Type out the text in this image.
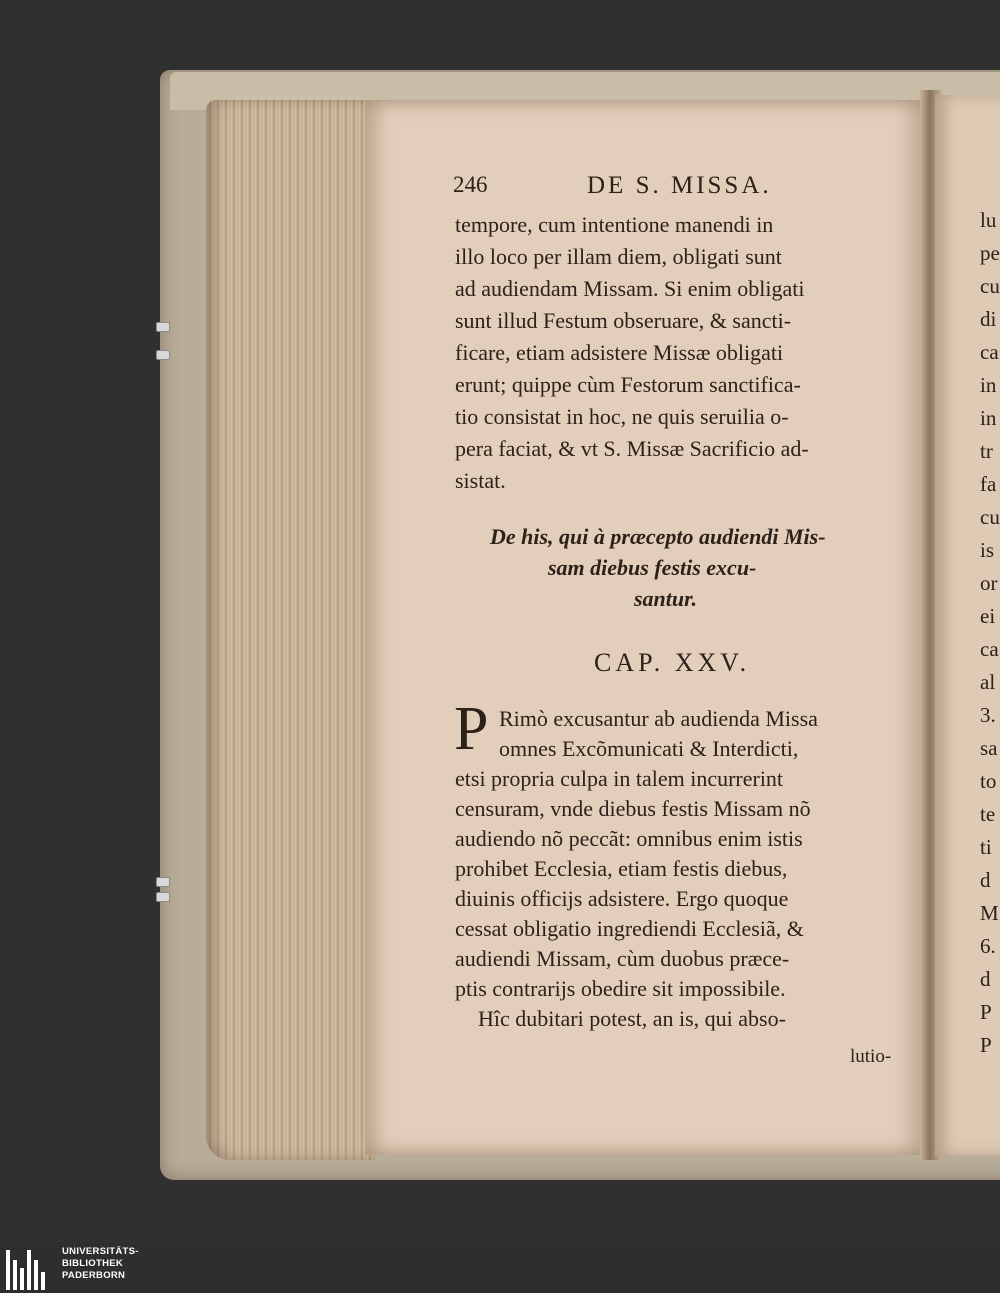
lu
pe
cu
di
ca
in
in
tr
fa
cu
is
or
ei
ca
al
3.
sa
to
te
ti
d
M
6.
d
P
P
246	DE S. MISSA.
tempore, cum intentione manendi in
illo loco per illam diem, obligati sunt
ad audiendam Missam. Si enim obligati
sunt illud Festum obseruare, & sancti-
ficare, etiam adsistere Missæ obligati
erunt; quippe cùm Festorum sanctifica-
tio consistat in hoc, ne quis seruilia o-
pera faciat, & vt S. Missæ Sacrificio ad-
sistat.
De his, qui à præcepto audiendi Mis-
sam diebus festis excu-
santur.
CAP. XXV.
P Rimò excusantur ab audienda Missa
omnes Excõmunicati & Interdicti,
etsi propria culpa in talem incurrerint
censuram, vnde diebus festis Missam nõ
audiendo nõ peccãt: omnibus enim istis
prohibet Ecclesia, etiam festis diebus,
diuinis officijs adsistere. Ergo quoque
cessat obligatio ingrediendi Ecclesiã, &
audiendi Missam, cùm duobus præce-
ptis contrarijs obedire sit impossibile.
Hîc dubitari potest, an is, qui abso-
lutio-
UNIVERSITÄTS-
BIBLIOTHEK
PADERBORN
